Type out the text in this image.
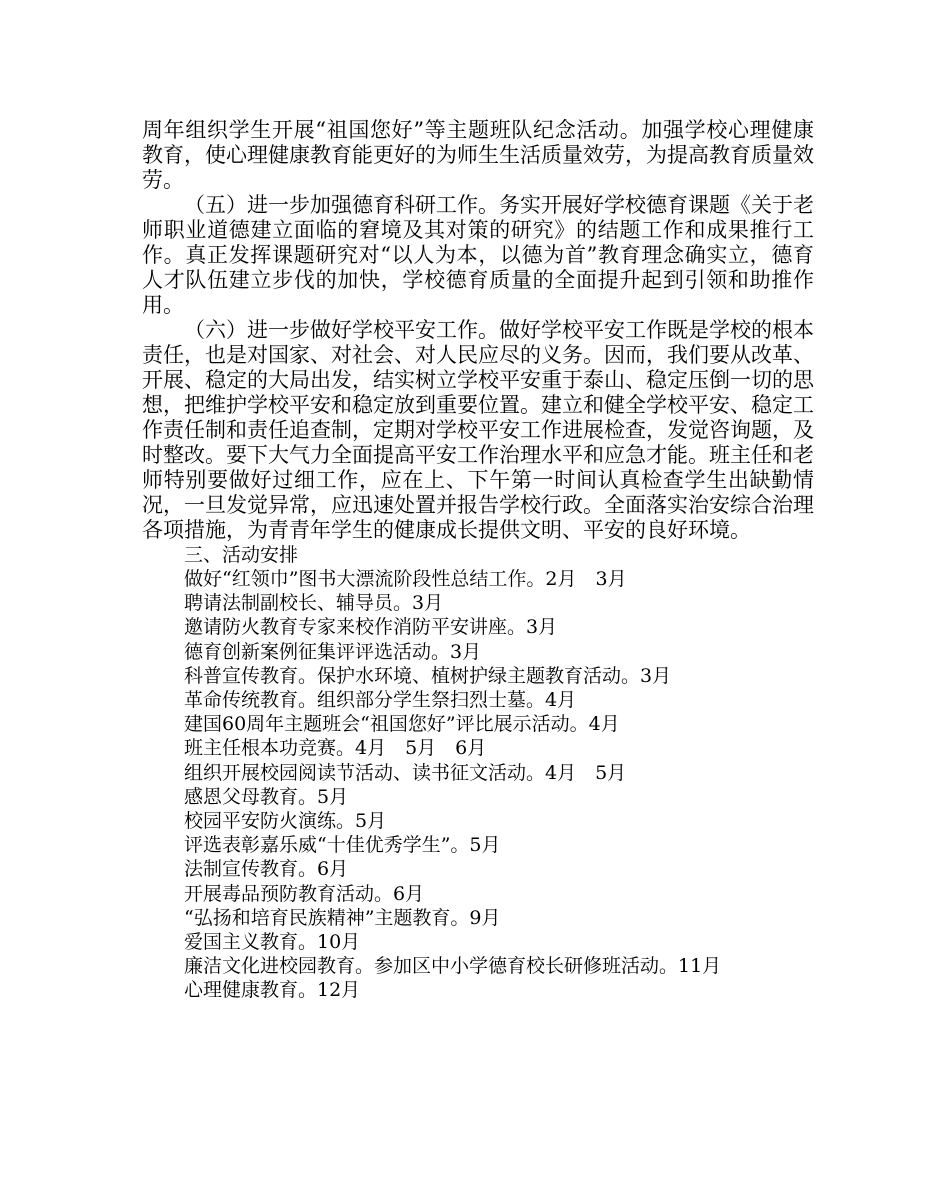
周年组织学生开展“祖国您好”等主题班队纪念活动。加强学校心理健康教育，使心理健康教育能更好的为师生生活质量效劳，为提高教育质量效劳。

（五）进一步加强德育科研工作。务实开展好学校德育课题《关于老师职业道德建立面临的窘境及其对策的研究》的结题工作和成果推行工作。真正发挥课题研究对“以人为本，以德为首”教育理念确实立，德育人才队伍建立步伐的加快，学校德育质量的全面提升起到引领和助推作用。

（六）进一步做好学校平安工作。做好学校平安工作既是学校的根本责任，也是对国家、对社会、对人民应尽的义务。因而，我们要从改革、开展、稳定的大局出发，结实树立学校平安重于泰山、稳定压倒一切的思想，把维护学校平安和稳定放到重要位置。建立和健全学校平安、稳定工作责任制和责任追查制，定期对学校平安工作进展检查，发觉咨询题，及时整改。要下大气力全面提高平安工作治理水平和应急才能。班主任和老师特别要做好过细工作，应在上、下午第一时间认真检查学生出缺勤情况，一旦发觉异常，应迅速处置并报告学校行政。全面落实治安综合治理各项措施，为青青年学生的健康成长提供文明、平安的良好环境。

三、活动安排

做好“红领巾”图书大漂流阶段性总结工作。2月　3月

聘请法制副校长、辅导员。3月

邀请防火教育专家来校作消防平安讲座。3月

德育创新案例征集评评选活动。3月

科普宣传教育。保护水环境、植树护绿主题教育活动。3月

革命传统教育。组织部分学生祭扫烈士墓。4月

建国60周年主题班会“祖国您好”评比展示活动。4月

班主任根本功竞赛。4月　5月　6月

组织开展校园阅读节活动、读书征文活动。4月　5月

感恩父母教育。5月

校园平安防火演练。5月

评选表彰嘉乐威“十佳优秀学生”。5月

法制宣传教育。6月

开展毒品预防教育活动。6月

“弘扬和培育民族精神”主题教育。9月

爱国主义教育。10月

廉洁文化进校园教育。参加区中小学德育校长研修班活动。11月

心理健康教育。12月
